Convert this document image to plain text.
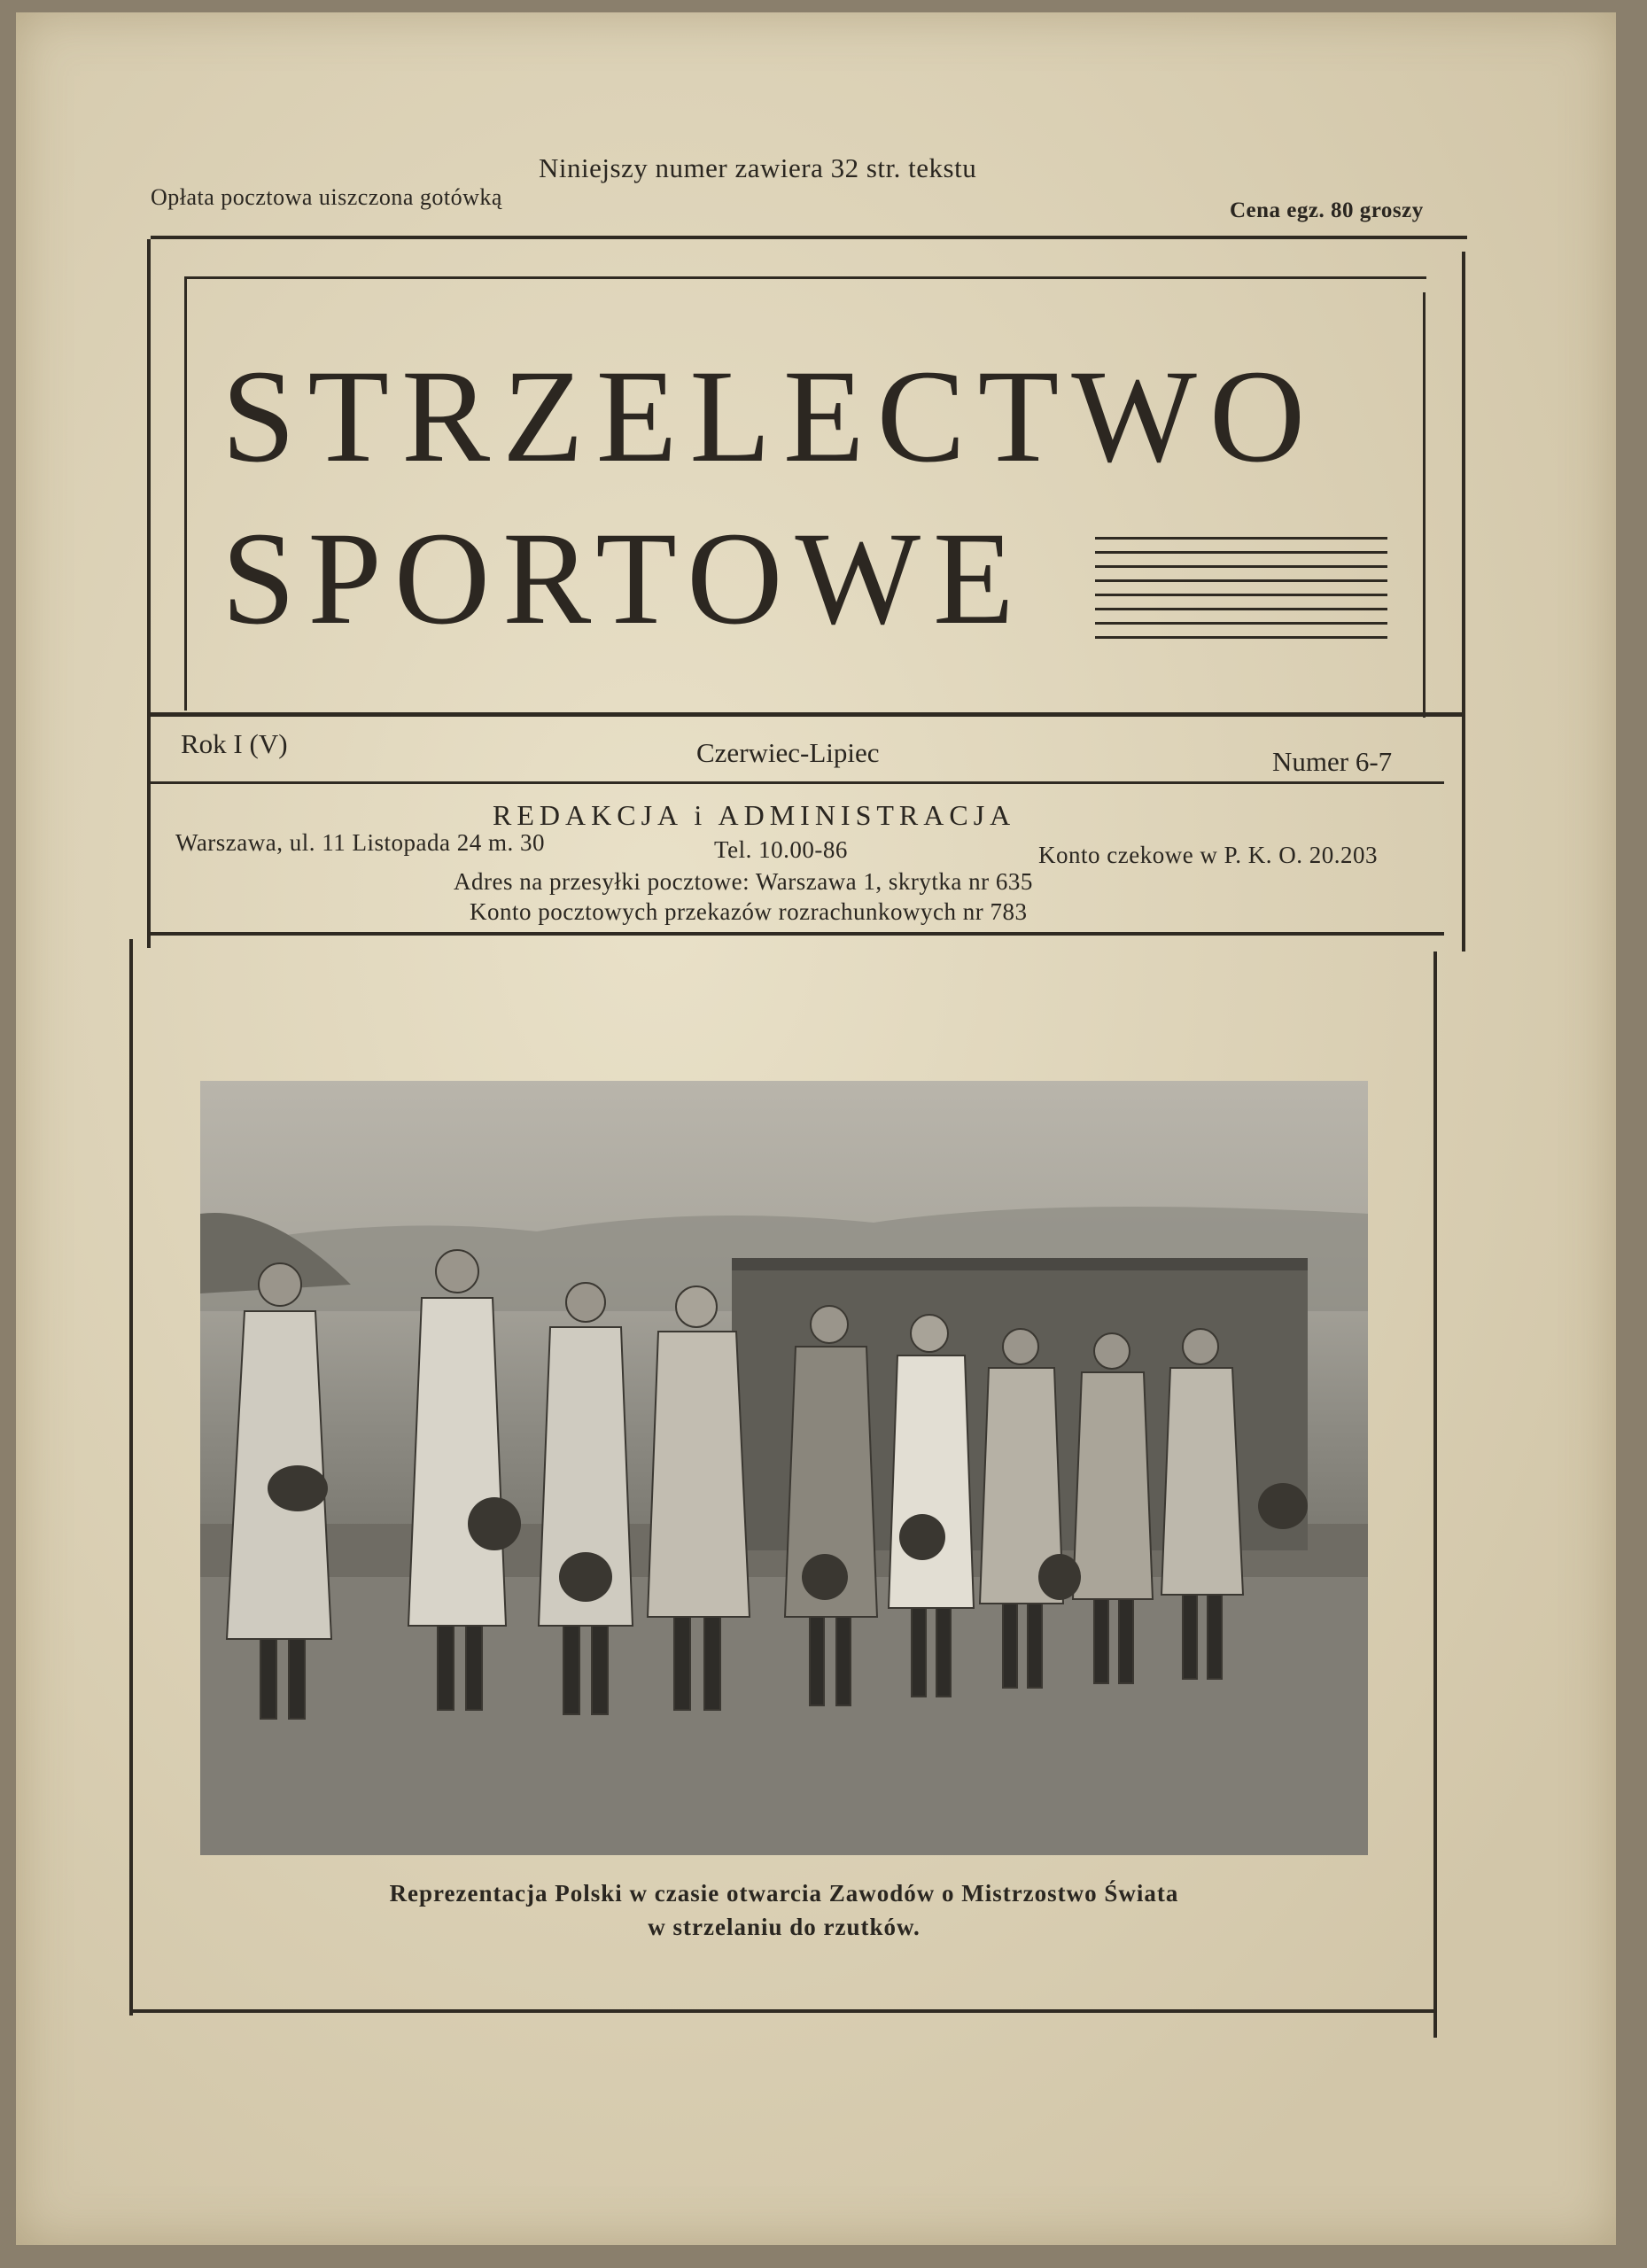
Niniejszy numer zawiera 32 str. tekstu
Opłata pocztowa uiszczona gotówką
Cena egz. 80 groszy
STRZELECTWO
SPORTOWE
Rok I (V)	Czerwiec-Lipiec	Numer 6-7
REDAKCJA i ADMINISTRACJA
Warszawa, ul. 11 Listopada 24 m. 30	Tel. 10.00-86	Konto czekowe w P. K. O. 20.203
Adres na przesyłki pocztowe: Warszawa 1, skrytka nr 635
Konto pocztowych przekazów rozrachunkowych nr 783
Reprezentacja Polski w czasie otwarcia Zawodów o Mistrzostwo Świata
w strzelaniu do rzutków.
